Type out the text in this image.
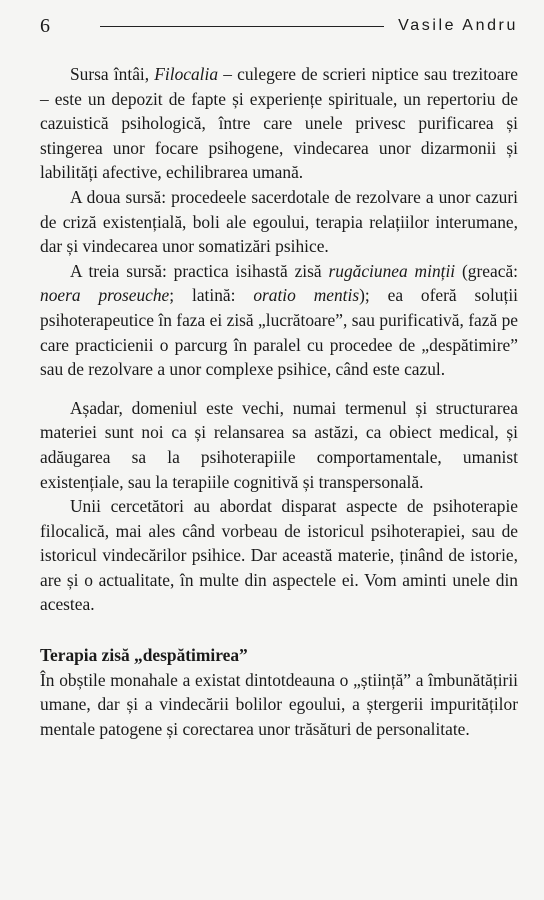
6	Vasile Andru

Sursa întâi, Filocalia – culegere de scrieri niptice sau trezitoare – este un depozit de fapte și experiențe spirituale, un repertoriu de cazuistică psihologică, între care unele privesc purificarea și stingerea unor focare psihogene, vindecarea unor dizarmonii și labilități afective, echilibrarea umană.

A doua sursă: procedeele sacerdotale de rezolvare a unor cazuri de criză existențială, boli ale egoului, terapia relațiilor interumane, dar și vindecarea unor somatizări psihice.

A treia sursă: practica isihastă zisă rugăciunea minții (greacă: noera proseuche; latină: oratio mentis); ea oferă soluții psihoterapeutice în faza ei zisă „lucrătoare”, sau purificativă, fază pe care practicienii o parcurg în paralel cu procedee de „despătimire” sau de rezolvare a unor complexe psihice, când este cazul.

Așadar, domeniul este vechi, numai termenul și structurarea materiei sunt noi ca și relansarea sa astăzi, ca obiect medical, și adăugarea sa la psihoterapiile comportamentale, umanist existențiale, sau la terapiile cognitivă și transpersonală.

Unii cercetători au abordat disparat aspecte de psihoterapie filocalică, mai ales când vorbeau de istoricul psihoterapiei, sau de istoricul vindecărilor psihice. Dar această materie, ținând de istorie, are și o actualitate, în multe din aspectele ei. Vom aminti unele din acestea.

Terapia zisă „despătimirea”

În obștile monahale a existat dintotdeauna o „știință” a îmbunătățirii umane, dar și a vindecării bolilor egoului, a ștergerii impurităților mentale patogene și corectarea unor trăsături de personalitate.
